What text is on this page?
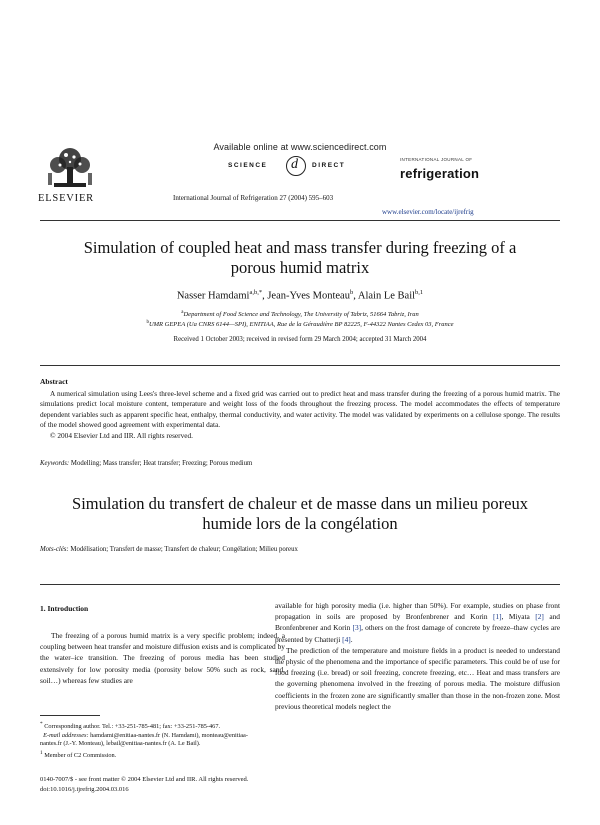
Available online at www.sciencedirect.com
SCIENCE d DIRECT
International Journal of Refrigeration 27 (2004) 595–603
ELSEVIER
INTERNATIONAL JOURNAL OF
refrigeration
www.elsevier.com/locate/ijrefrig
Simulation of coupled heat and mass transfer during freezing of a porous humid matrix
Nasser Hamdami$^{a,b,*}$, Jean-Yves Monteau$^b$, Alain Le Bail$^{b,1}$
$^a$Department of Food Science and Technology, The University of Tabriz, 51664 Tabriz, Iran
$^b$UMR GEPEA (Ua CNRS 6144—SPI), ENITIAA, Rue de la Géraudière BP 82225, F-44322 Nantes Cedex 03, France
Received 1 October 2003; received in revised form 29 March 2004; accepted 31 March 2004
Abstract

A numerical simulation using Lees's three-level scheme and a fixed grid was carried out to predict heat and mass transfer during the freezing of a porous humid matrix. The simulations predict local moisture content, temperature and weight loss of the foods throughout the freezing process. The model accommodates the effects of temperature dependent variables such as apparent specific heat, enthalpy, thermal conductivity, and water activity. The model was validated by experiments on a cellulose sponge. The results of the model showed good agreement with experimental data.

© 2004 Elsevier Ltd and IIR. All rights reserved.

Keywords: Modelling; Mass transfer; Heat transfer; Freezing; Porous medium
Simulation du transfert de chaleur et de masse dans un milieu poreux humide lors de la congélation
Mots-clés: Modélisation; Transfert de masse; Transfert de chaleur; Congélation; Milieu poreux
1. Introduction

The freezing of a porous humid matrix is a very specific problem; indeed, a coupling between heat transfer and moisture diffusion exists and is complicated by the water–ice transition. The freezing of porous media has been studied extensively for low porosity media (porosity below 50% such as rock, sand, soil…) whereas few studies are

available for high porosity media (i.e. higher than 50%). For example, studies on phase front propagation in soils are proposed by Bronfenbrener and Korin [1], Miyata [2] and Bronfenbrener and Korin [3], others on the frost damage of concrete by freeze–thaw cycles are presented by Chatterji [4].

The prediction of the temperature and moisture fields in a product is needed to understand the physic of the phenomena and the importance of specific parameters. This could be of use for food freezing (i.e. bread) or soil freezing, concrete freezing, etc… Heat and mass transfers are the governing phenomena involved in the freezing of porous media. The moisture diffusion coefficients in the frozen zone are significantly smaller than those in the non-frozen zone. Most previous theoretical models neglect the

* Corresponding author. Tel.: +33-251-785-481; fax: +33-251-785-467.

E-mail addresses: hamdami@enitiaa-nantes.fr (N. Hamdami), monteau@enitiaa-nantes.fr (J.-Y. Monteau), lebail@enitiaa-nantes.fr (A. Le Bail).

$^1$ Member of C2 Commission.

0140-7007/$ - see front matter © 2004 Elsevier Ltd and IIR. All rights reserved.
doi:10.1016/j.ijrefrig.2004.03.016
